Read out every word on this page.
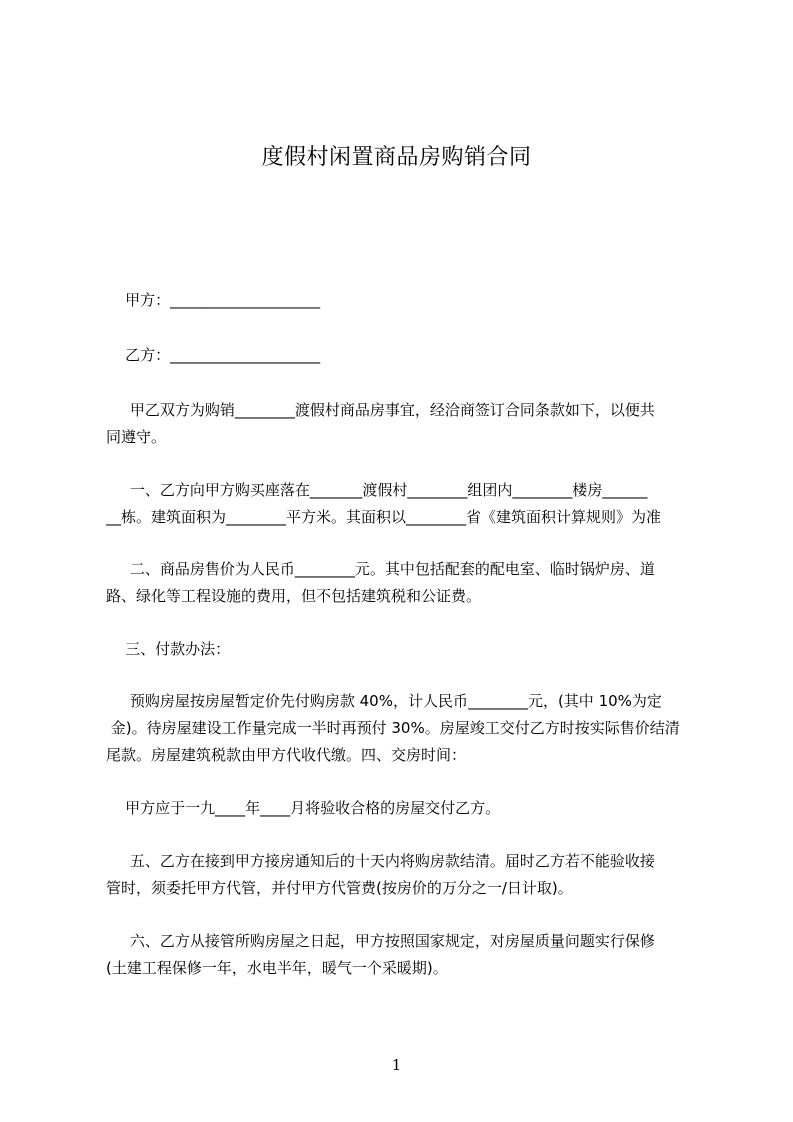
度假村闲置商品房购销合同
甲方：____________________
乙方：____________________
甲乙双方为购销________渡假村商品房事宜，经洽商签订合同条款如下，以便共
同遵守。
一、乙方向甲方购买座落在_______渡假村________组团内________楼房______
__栋。建筑面积为________平方米。其面积以________省《建筑面积计算规则》为准
二、商品房售价为人民币________元。其中包括配套的配电室、临时锅炉房、道
路、绿化等工程设施的费用，但不包括建筑税和公证费。
三、付款办法：
预购房屋按房屋暂定价先付购房款 40%，计人民币________元，(其中 10%为定
金)。待房屋建设工作量完成一半时再预付 30%。房屋竣工交付乙方时按实际售价结清
尾款。房屋建筑税款由甲方代收代缴。四、交房时间：
甲方应于一九____年____月将验收合格的房屋交付乙方。
五、乙方在接到甲方接房通知后的十天内将购房款结清。届时乙方若不能验收接
管时，须委托甲方代管，并付甲方代管费(按房价的万分之一/日计取)。
六、乙方从接管所购房屋之日起，甲方按照国家规定，对房屋质量问题实行保修
(土建工程保修一年，水电半年，暖气一个采暖期)。
1
